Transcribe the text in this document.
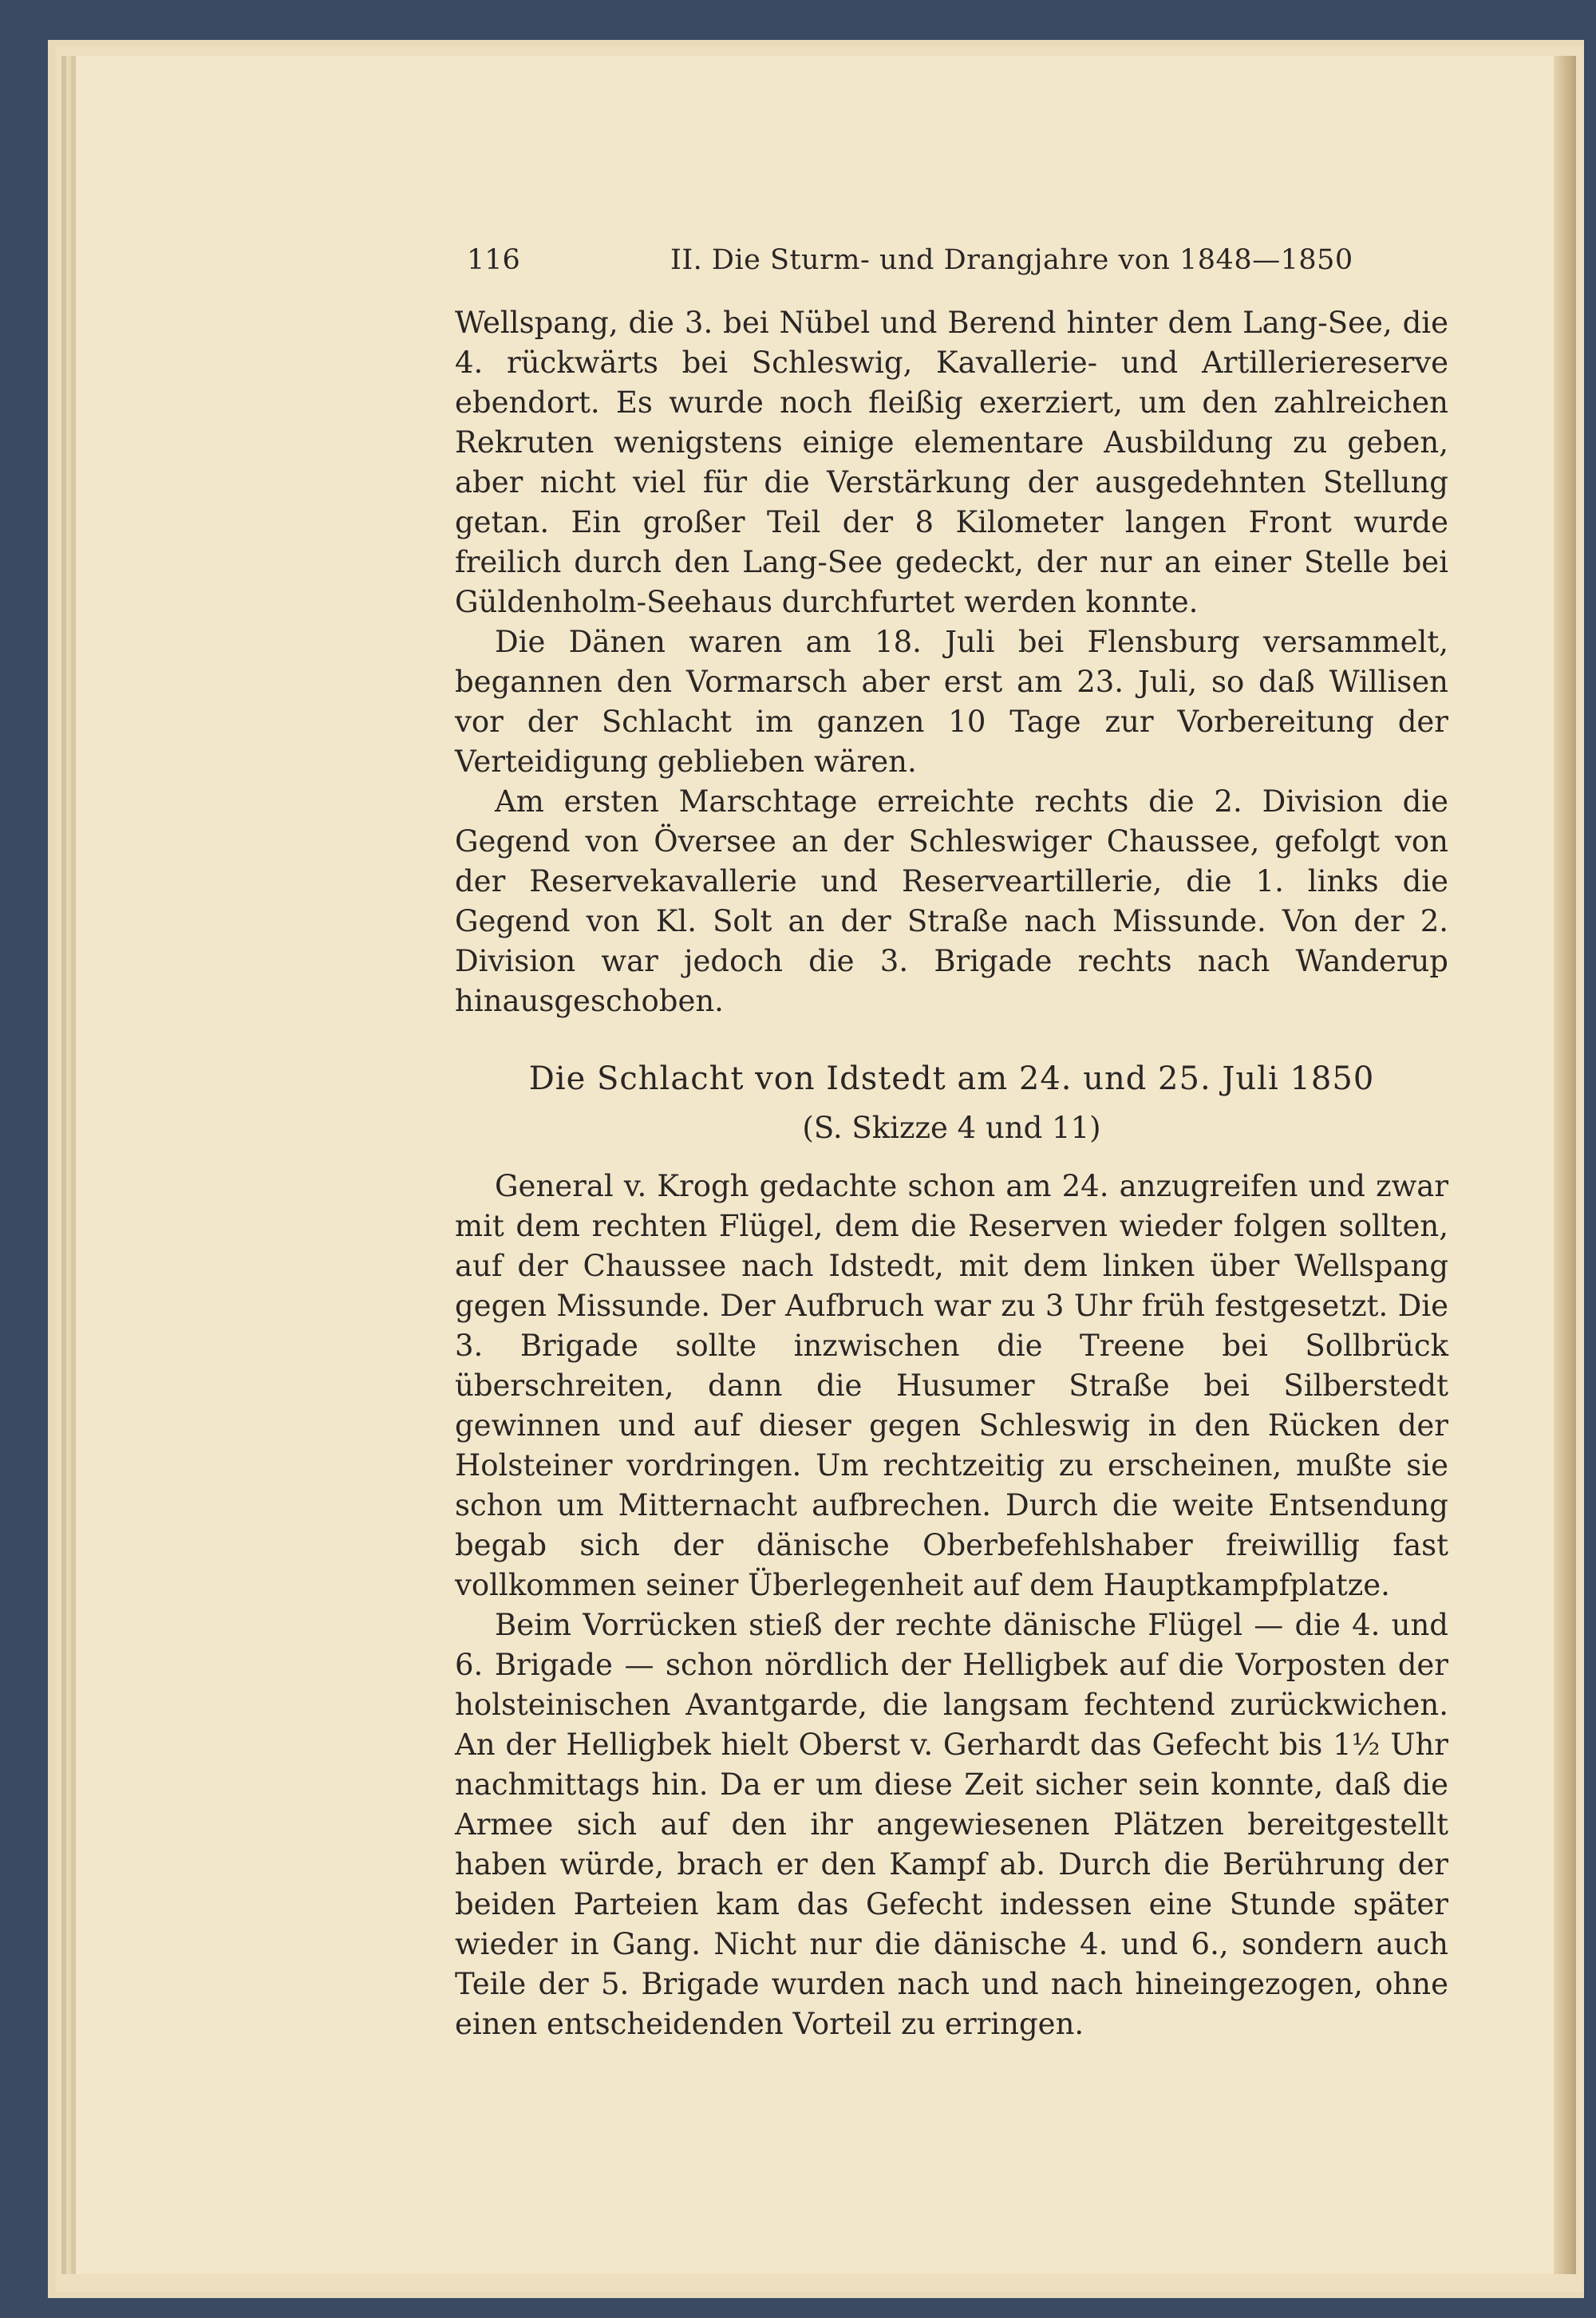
116	II. Die Sturm- und Drangjahre von 1848—1850

Wellspang, die 3. bei Nübel und Berend hinter dem Lang-See, die 4. rückwärts bei Schleswig, Kavallerie- und Artilleriereserve ebendort. Es wurde noch fleißig exerziert, um den zahlreichen Rekruten wenigstens einige elementare Ausbildung zu geben, aber nicht viel für die Verstärkung der ausgedehnten Stellung getan. Ein großer Teil der 8 Kilometer langen Front wurde freilich durch den Lang-See gedeckt, der nur an einer Stelle bei Güldenholm-Seehaus durchfurtet werden konnte.

Die Dänen waren am 18. Juli bei Flensburg versammelt, begannen den Vormarsch aber erst am 23. Juli, so daß Willisen vor der Schlacht im ganzen 10 Tage zur Vorbereitung der Verteidigung geblieben wären.

Am ersten Marschtage erreichte rechts die 2. Division die Gegend von Översee an der Schleswiger Chaussee, gefolgt von der Reservekavallerie und Reserveartillerie, die 1. links die Gegend von Kl. Solt an der Straße nach Missunde. Von der 2. Division war jedoch die 3. Brigade rechts nach Wanderup hinausgeschoben.

Die Schlacht von Idstedt am 24. und 25. Juli 1850
(S. Skizze 4 und 11)

General v. Krogh gedachte schon am 24. anzugreifen und zwar mit dem rechten Flügel, dem die Reserven wieder folgen sollten, auf der Chaussee nach Idstedt, mit dem linken über Wellspang gegen Missunde. Der Aufbruch war zu 3 Uhr früh festgesetzt. Die 3. Brigade sollte inzwischen die Treene bei Sollbrück überschreiten, dann die Husumer Straße bei Silberstedt gewinnen und auf dieser gegen Schleswig in den Rücken der Holsteiner vordringen. Um rechtzeitig zu erscheinen, mußte sie schon um Mitternacht aufbrechen. Durch die weite Entsendung begab sich der dänische Oberbefehlshaber freiwillig fast vollkommen seiner Überlegenheit auf dem Hauptkampfplatze.

Beim Vorrücken stieß der rechte dänische Flügel — die 4. und 6. Brigade — schon nördlich der Helligbek auf die Vorposten der holsteinischen Avantgarde, die langsam fechtend zurückwichen. An der Helligbek hielt Oberst v. Gerhardt das Gefecht bis 1½ Uhr nachmittags hin. Da er um diese Zeit sicher sein konnte, daß die Armee sich auf den ihr angewiesenen Plätzen bereitgestellt haben würde, brach er den Kampf ab. Durch die Berührung der beiden Parteien kam das Gefecht indessen eine Stunde später wieder in Gang. Nicht nur die dänische 4. und 6., sondern auch Teile der 5. Brigade wurden nach und nach hineingezogen, ohne einen entscheidenden Vorteil zu erringen.
